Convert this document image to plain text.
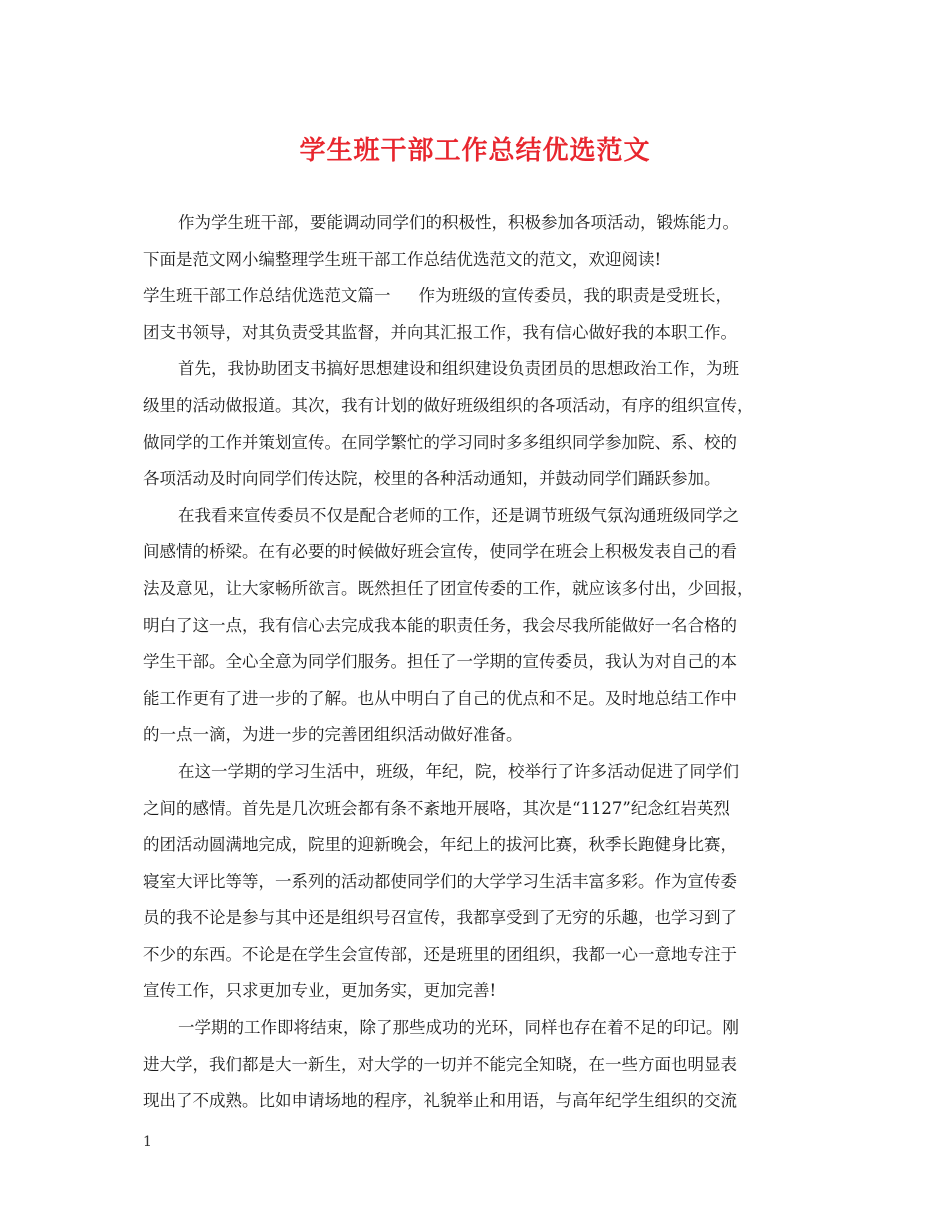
学生班干部工作总结优选范文
作为学生班干部，要能调动同学们的积极性，积极参加各项活动，锻炼能力。
下面是范文网小编整理学生班干部工作总结优选范文的范文，欢迎阅读!
学生班干部工作总结优选范文篇一 作为班级的宣传委员，我的职责是受班长，
团支书领导，对其负责受其监督，并向其汇报工作，我有信心做好我的本职工作。
首先，我协助团支书搞好思想建设和组织建设负责团员的思想政治工作，为班
级里的活动做报道。其次，我有计划的做好班级组织的各项活动，有序的组织宣传，
做同学的工作并策划宣传。在同学繁忙的学习同时多多组织同学参加院、系、校的
各项活动及时向同学们传达院，校里的各种活动通知，并鼓动同学们踊跃参加。
在我看来宣传委员不仅是配合老师的工作，还是调节班级气氛沟通班级同学之
间感情的桥梁。在有必要的时候做好班会宣传，使同学在班会上积极发表自己的看
法及意见，让大家畅所欲言。既然担任了团宣传委的工作，就应该多付出，少回报，
明白了这一点，我有信心去完成我本能的职责任务，我会尽我所能做好一名合格的
学生干部。全心全意为同学们服务。担任了一学期的宣传委员，我认为对自己的本
能工作更有了进一步的了解。也从中明白了自己的优点和不足。及时地总结工作中
的一点一滴，为进一步的完善团组织活动做好准备。
在这一学期的学习生活中，班级，年纪，院，校举行了许多活动促进了同学们
之间的感情。首先是几次班会都有条不紊地开展咯，其次是“1127”纪念红岩英烈
的团活动圆满地完成，院里的迎新晚会，年纪上的拔河比赛，秋季长跑健身比赛，
寝室大评比等等，一系列的活动都使同学们的大学学习生活丰富多彩。作为宣传委
员的我不论是参与其中还是组织号召宣传，我都享受到了无穷的乐趣，也学习到了
不少的东西。不论是在学生会宣传部，还是班里的团组织，我都一心一意地专注于
宣传工作，只求更加专业，更加务实，更加完善!
一学期的工作即将结束，除了那些成功的光环，同样也存在着不足的印记。刚
进大学，我们都是大一新生，对大学的一切并不能完全知晓，在一些方面也明显表
现出了不成熟。比如申请场地的程序，礼貌举止和用语，与高年纪学生组织的交流
1
